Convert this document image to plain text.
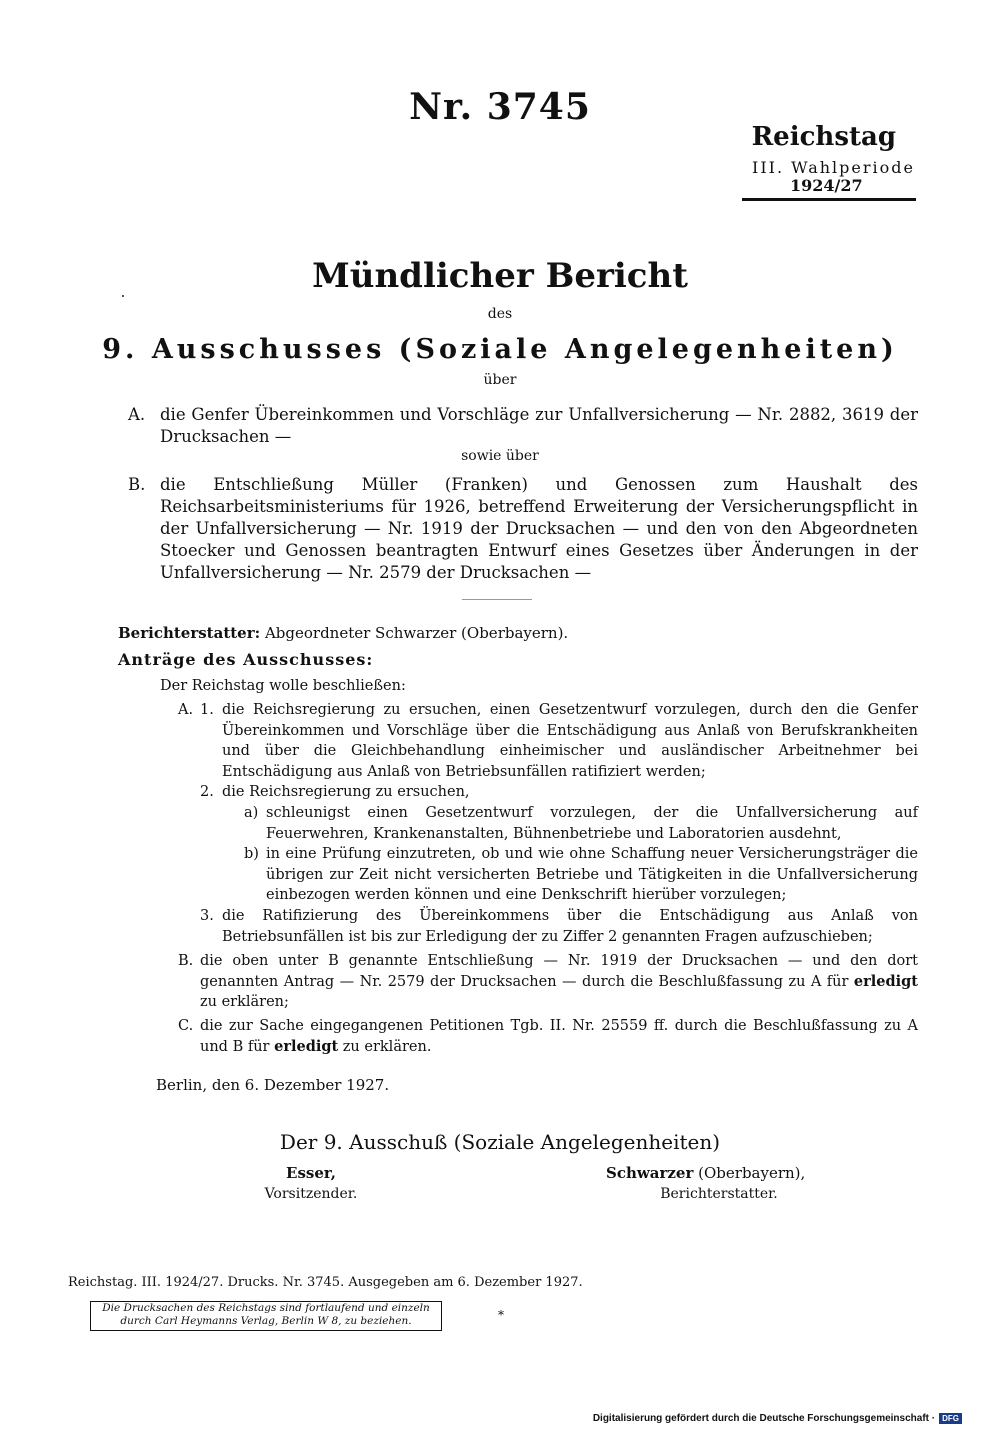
Nr. 3745
Reichstag
III. Wahlperiode
1924/27
Mündlicher Bericht
des
9. Ausschusses (Soziale Angelegenheiten)
über
A. die Genfer Übereinkommen und Vorschläge zur Unfallversicherung — Nr. 2882, 3619 der Drucksachen —
sowie über
B. die Entschließung Müller (Franken) und Genossen zum Haushalt des Reichsarbeitsministeriums für 1926, betreffend Erweiterung der Versicherungspflicht in der Unfallversicherung — Nr. 1919 der Drucksachen — und den von den Abgeordneten Stoecker und Genossen beantragten Entwurf eines Gesetzes über Änderungen in der Unfallversicherung — Nr. 2579 der Drucksachen —
Berichterstatter: Abgeordneter Schwarzer (Oberbayern).
Anträge des Ausschusses:
Der Reichstag wolle beschließen:
A. 1. die Reichsregierung zu ersuchen, einen Gesetzentwurf vorzulegen, durch den die Genfer Übereinkommen und Vorschläge über die Entschädigung aus Anlaß von Berufskrankheiten und über die Gleichbehandlung einheimischer und ausländischer Arbeitnehmer bei Entschädigung aus Anlaß von Betriebsunfällen ratifiziert werden;
2. die Reichsregierung zu ersuchen,
a) schleunigst einen Gesetzentwurf vorzulegen, der die Unfallversicherung auf Feuerwehren, Krankenanstalten, Bühnenbetriebe und Laboratorien ausdehnt,
b) in eine Prüfung einzutreten, ob und wie ohne Schaffung neuer Versicherungsträger die übrigen zur Zeit nicht versicherten Betriebe und Tätigkeiten in die Unfallversicherung einbezogen werden können und eine Denkschrift hierüber vorzulegen;
3. die Ratifizierung des Übereinkommens über die Entschädigung aus Anlaß von Betriebsunfällen ist bis zur Erledigung der zu Ziffer 2 genannten Fragen aufzuschieben;
B. die oben unter B genannte Entschließung — Nr. 1919 der Drucksachen — und den dort genannten Antrag — Nr. 2579 der Drucksachen — durch die Beschlußfassung zu A für erledigt zu erklären;
C. die zur Sache eingegangenen Petitionen Tgb. II. Nr. 25559 ff. durch die Beschlußfassung zu A und B für erledigt zu erklären.
Berlin, den 6. Dezember 1927.
Der 9. Ausschuß (Soziale Angelegenheiten)
Esser,
Vorsitzender.
Schwarzer (Oberbayern),
Berichterstatter.
Reichstag. III. 1924/27. Drucks. Nr. 3745. Ausgegeben am 6. Dezember 1927.
Die Drucksachen des Reichstags sind fortlaufend und einzeln
durch Carl Heymanns Verlag, Berlin W 8, zu beziehen.	*
Digitalisierung gefördert durch die Deutsche Forschungsgemeinschaft · DFG
